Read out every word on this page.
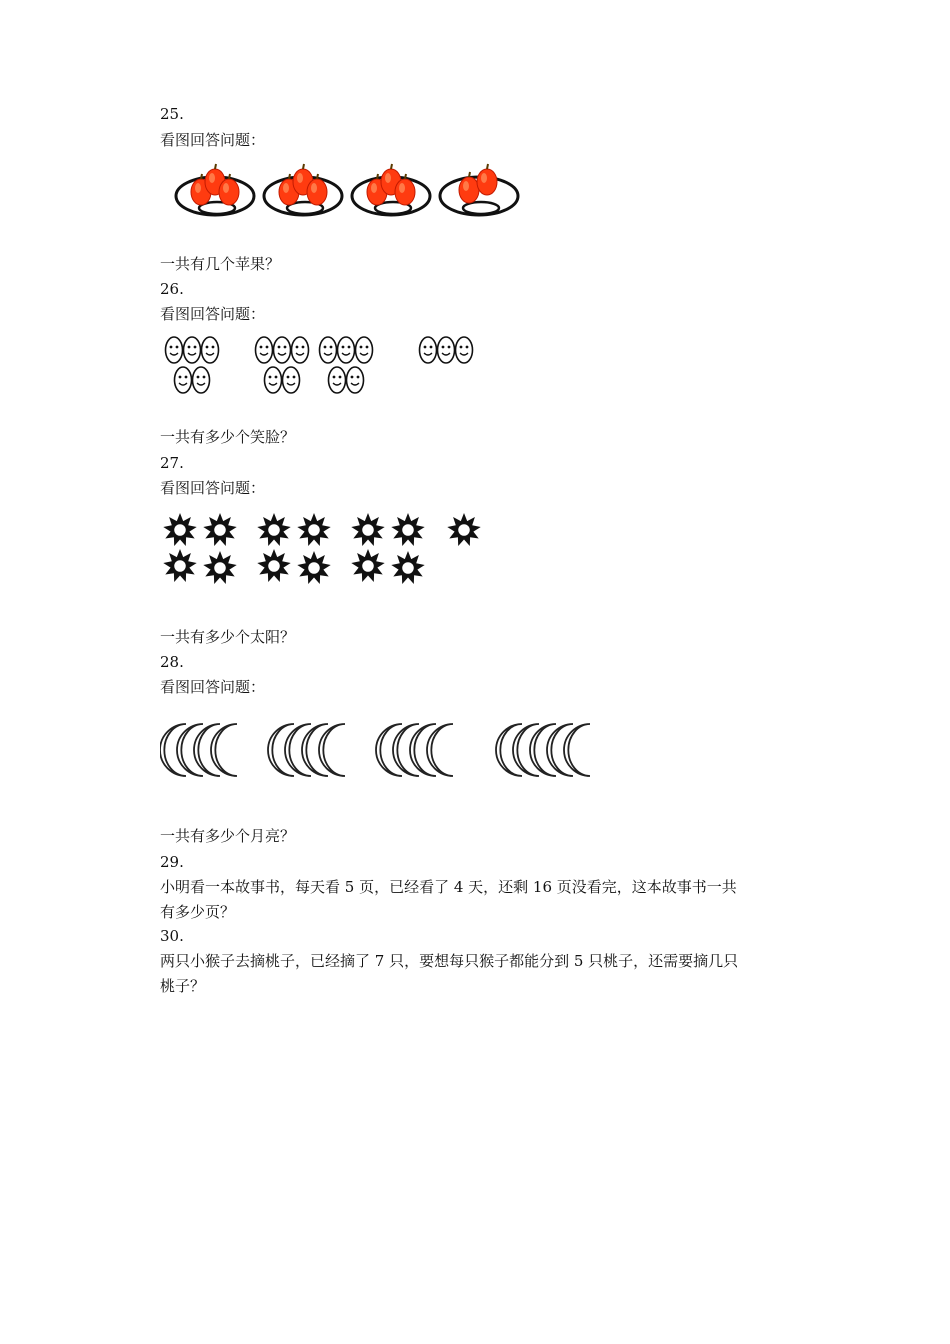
25.
看图回答问题：
一共有几个苹果？
26.
看图回答问题：
一共有多少个笑脸？
27.
看图回答问题：
一共有多少个太阳？
28.
看图回答问题：
一共有多少个月亮？
29.
小明看一本故事书，每天看 5 页，已经看了 4 天，还剩 16 页没看完，这本故事书一共
有多少页？
30.
两只小猴子去摘桃子，已经摘了 7 只，要想每只猴子都能分到 5 只桃子，还需要摘几只
桃子？
